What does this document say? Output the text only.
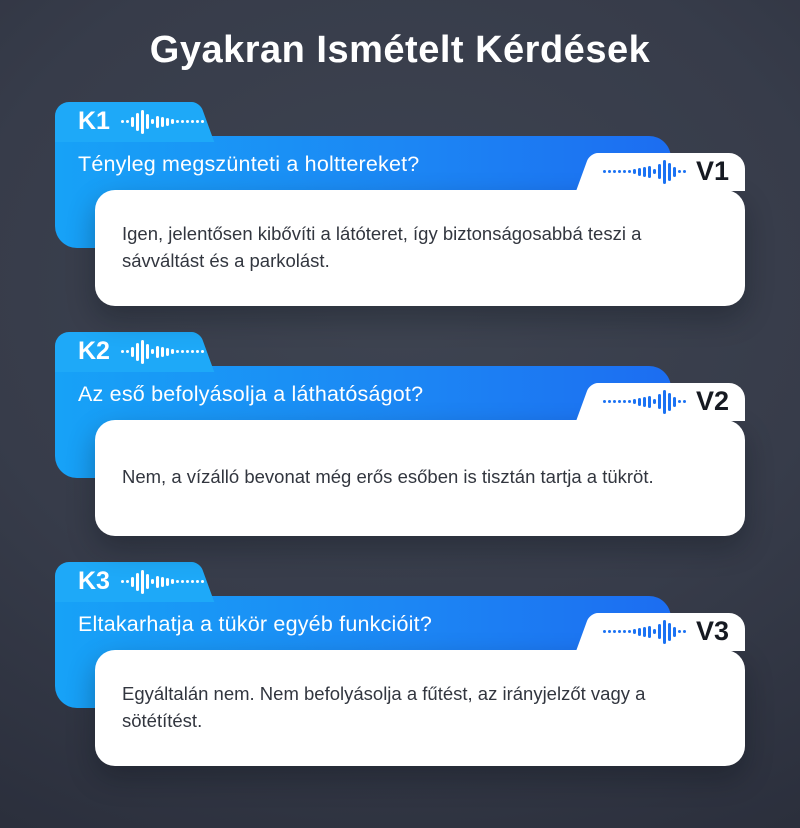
Gyakran Ismételt Kérdések
Tényleg megszünteti a holttereket?
K1
V1
Igen, jelentősen kibővíti a látóteret, így biztonságosabbá teszi a sávváltást és a parkolást.
Az eső befolyásolja a láthatóságot?
K2
V2
Nem, a vízálló bevonat még erős esőben is tisztán tartja a tükröt.
Eltakarhatja a tükör egyéb funkcióit?
K3
V3
Egyáltalán nem. Nem befolyásolja a fűtést, az irányjelzőt vagy a sötétítést.
